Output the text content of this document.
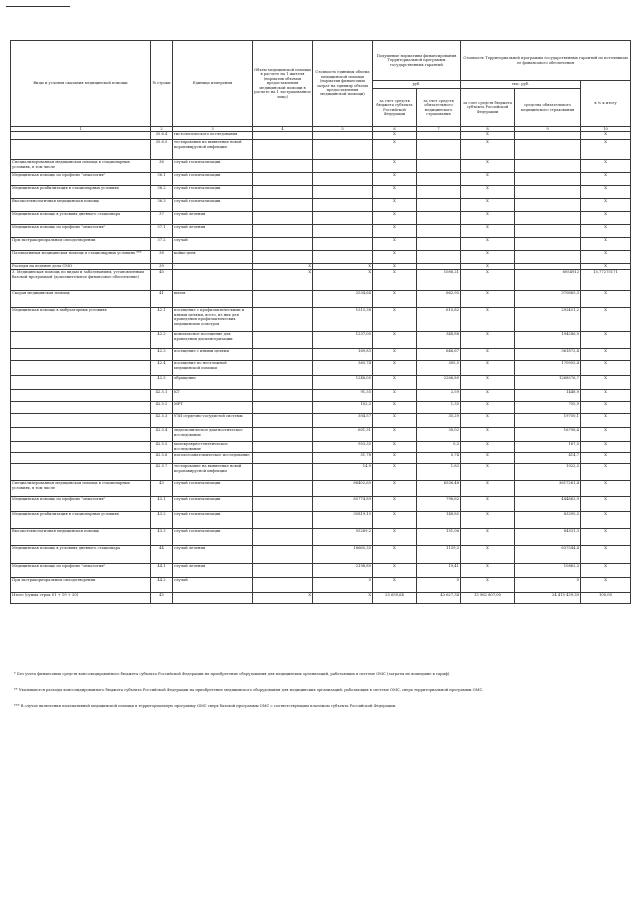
Виды и условия оказания медицинской помощи	№ строки	Единица измерения	Объем медицинской помощи в расчете на 1 жителя (норматив объемов предоставления медицинской помощи в расчете на 1 застрахованное лицо)	Стоимость единицы объема медицинской помощи (норматив финансовых затрат на единицу объема предоставления медицинской помощи)	Подушевые нормативы финансирования Территориальной программы государственных гарантий		Стоимость Территориальной программы государственных гарантий по источникам ее финансового обеспечения		
					руб.		тыс. руб.		в % к итогу
					за счет средств бюджета субъекта Российской Федерации	за счет средств обязательного медицинского страхования	за счет средств бюджета субъекта Российской Федерации	средства обязательного медицинского страхования	
1	2	3	4	5	6	7	8	9	10
	35.6.4	гистологического исследования			X		X		X
	35.6.5	тестирования на выявление новой коронавирусной инфекции			X		X		X
Специализированная медицинская помощь в стационарных условиях, в том числе	36	случай госпитализации			X		X		X
Медицинская помощь по профилю "онкология"	36.1	случай госпитализации			X		X		X
Медицинская реабилитация в стационарных условиях	36.2	случай госпитализации			X		X		X
Высокотехнологичная медицинская помощь	36.3	случай госпитализации			X		X		X
Медицинская помощь в условиях дневного стационара	37	случай лечения			X		X		X
Медицинская помощь по профилю "онкология"	37.1	случай лечения			X		X		X
При экстракорпоральном оплодотворении	37.2	случай			X		X		X
Паллиативная медицинская помощь в стационарных условиях ***	38	койко-день			X		X		X
Расходы на ведение дела СМО	39	-	X	X	X		X		X
3. Медицинская помощь по видам и заболеваниям, установленным базовой программой (дополнительное финансовое обеспечение)	40		X	X	X	1088,21	X	6054912	15,77275171
Скорая медицинская помощь	41	вызов		2534,64	X	662,95	X	370865,3	X
Медицинская помощь в амбулаторных условиях	42.1	посещение с профилактическими и иными целями, всего, из них для проведения профилактических медицинских осмотров		1515,38	X	615,82	X	292451,2	X
	42.2	комплексное посещение для проведения диспансеризации		1237,00	X	348,88	X	194286,9	X
	42.3	посещение с иными целями		169,83	X	646,67	X	361872,4	X
	42.4	посещение по неотложной медицинской помощи		365,74	X	305,5	X	170955,4	X
	42.5	обращение		1248,05	X	2266,89	X	1268576,7	X
	42.5.1	КТ		91,35	X	2,59	X	1448,9	X
	42.5.2	МРТ		102,3	X	1,35	X	755,9	X
	42.5.3	УЗИ сердечно-сосудистой системы		304,57	X	35,29	X	19750,1	X
	42.5.4	эндоскопическое диагностическое исследование		601,31	X	30,02	X	16798,4	X
	42.5.5	молекулярно-генетическое исследование		953,35	X	0,3	X	167,5	X
	42.5.6	патологоанатомическое исследование		51,78	X	0,74	X	414,7	X
	42.5.7	тестирование на выявление новой коронавирусной инфекции		14,9	X	1,83	X	1022,3	X
Специализированная медицинская помощь в стационарных условиях, в том числе	43	случай госпитализации		88402,65	X	6556,48	X	3617261,4	X
Медицинская помощь по профилю "онкология"	43.1	случай госпитализации		85774,89	X	796,62	X	444862,9	X
Медицинская реабилитация в стационарных условиях	43.2	случай госпитализации		35819,15	X	148,85	X	83295,3	X
Высокотехнологичная медицинская помощь	43.3	случай госпитализации		55269,2	X	151,06	X	84531,3	X
Медицинская помощь в условиях дневного стационара	44	случай лечения		18665,35	X	1139,3	X	637544,4	X
Медицинская помощь по профилю "онкология"	44.1	случай лечения		2198,89	X	19,41	X	10862,3	X
При экстракорпоральном оплодотворении	44.2	случай		0	X	0	X	0	X
Итого (сумма строк 01 + 19 + 20)	45		X	X	25 659,64	43 627,34	13 962 807,00	24 415 439,30	100,00
* Без учета финансовых средств консолидированного бюджета субъекта Российской Федерации на приобретение оборудования для медицинских организаций, работающих в системе ОМС (затраты не вошедшие в тариф).
** Указываются расходы консолидированного бюджета субъекта Российской Федерации на приобретение медицинского оборудования для медицинских организаций, работающих в системе ОМС, сверх территориальной программы ОМС.
*** В случае включения паллиативной медицинской помощи в территориальную программу ОМС сверх базовой программы ОМС с соответствующим платежом субъекта Российской Федерации.
